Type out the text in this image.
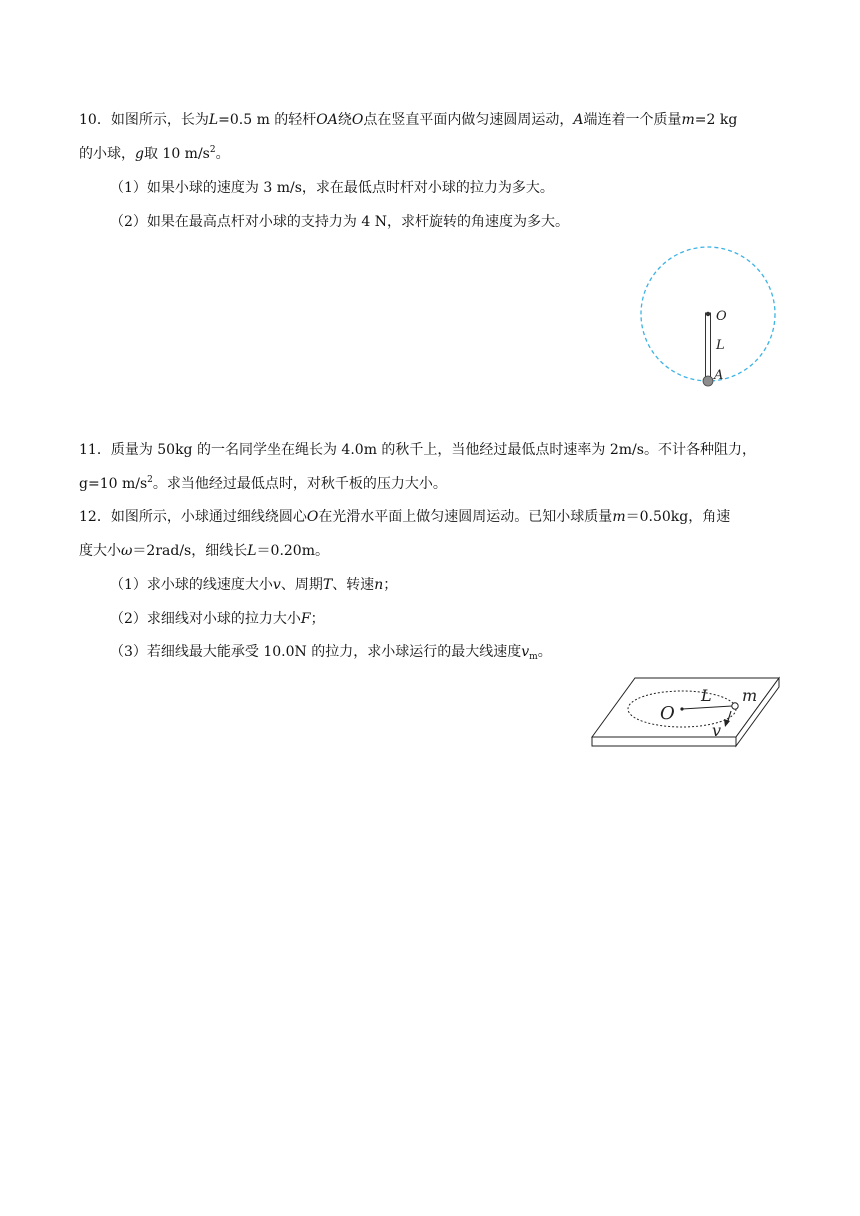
10．如图所示，长为L=0.5 m 的轻杆OA绕O点在竖直平面内做匀速圆周运动，A端连着一个质量m=2 kg
的小球，g取 10 $m/s^2$。
（1）如果小球的速度为 3 m/s，求在最低点时杆对小球的拉力为多大。
（2）如果在最高点杆对小球的支持力为 4 N，求杆旋转的角速度为多大。
O
L
A
11．质量为 50kg 的一名同学坐在绳长为 4.0m 的秋千上，当他经过最低点时速率为 2m/s。不计各种阻力，
g=10 $m/s^2$。求当他经过最低点时，对秋千板的压力大小。
12．如图所示，小球通过细线绕圆心O在光滑水平面上做匀速圆周运动。已知小球质量m＝0.50kg，角速
度大小ω＝2rad/s，细线长L＝0.20m。
（1）求小球的线速度大小v、周期T、转速n；
（2）求细线对小球的拉力大小F；
（3）若细线最大能承受 10.0N 的拉力，求小球运行的最大线速度$v_m$。
O
L m
v
